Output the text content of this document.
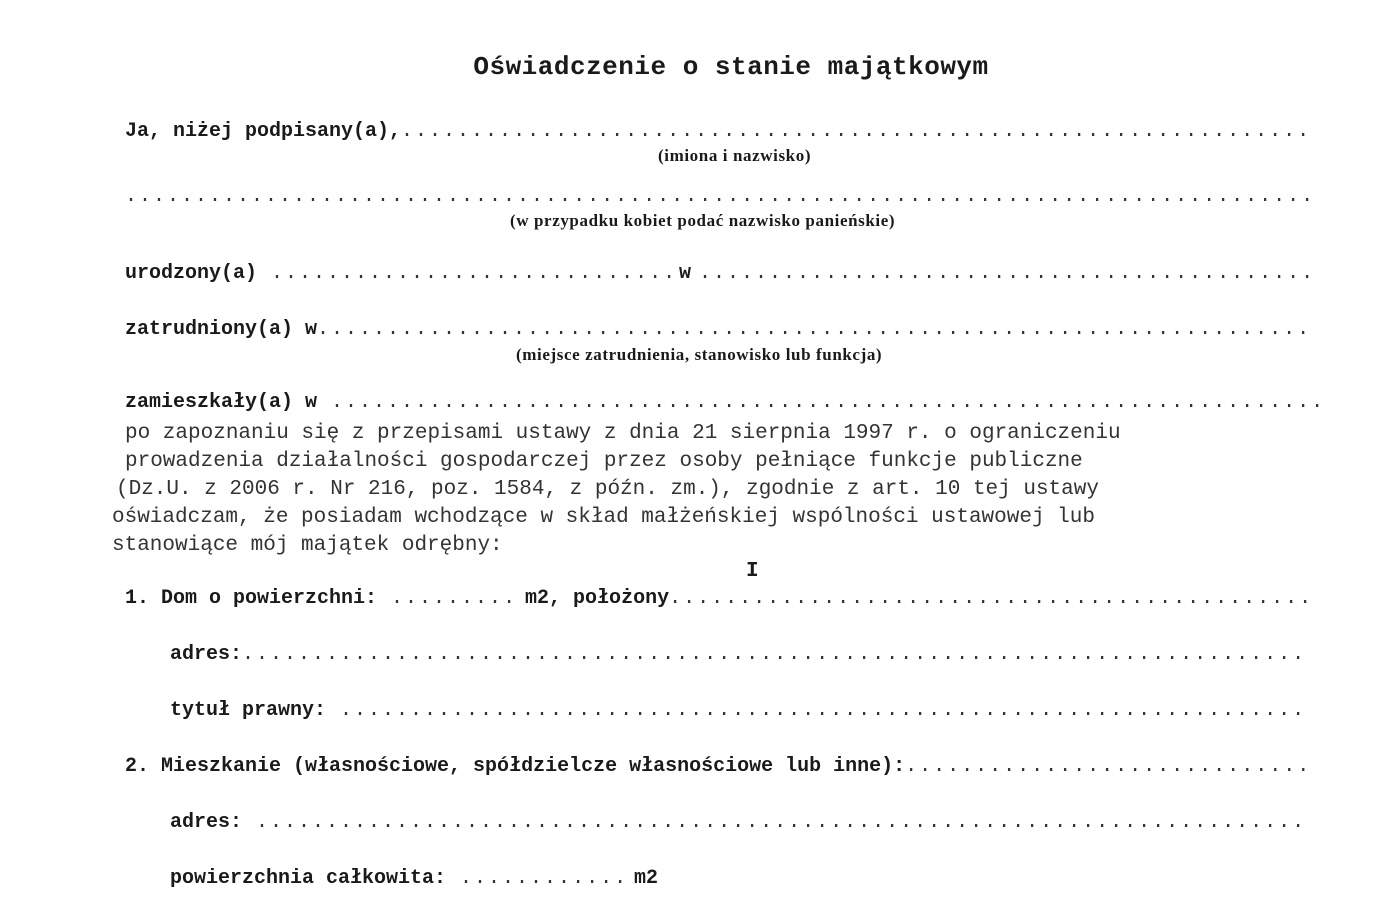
Oświadczenie o stanie majątkowym
Ja, niżej podpisany(a),
.....
(imiona i nazwisko)
.....
(w przypadku kobiet podać nazwisko panieńskie)
urodzony(a) .....	w
.....
zatrudniony(a) w
.....
(miejsce zatrudnienia, stanowisko lub funkcja)
zamieszkały(a) w
.....
po zapoznaniu się z przepisami ustawy z dnia 21 sierpnia 1997 r. o ograniczeniu
prowadzenia działalności gospodarczej przez osoby pełniące funkcje publiczne
(Dz.U. z 2006 r. Nr 216, poz. 1584, z późn. zm.), zgodnie z art. 10 tej ustawy
oświadczam, że posiadam wchodzące w skład małżeńskiej wspólności ustawowej lub
stanowiące mój majątek odrębny:
I
1. Dom o powierzchni: .....	m2, położony
.....
adres:
.....
tytuł prawny:
.....
2. Mieszkanie (własnościowe, spółdzielcze własnościowe lub inne):
.....
adres:
.....
powierzchnia całkowita: .....	m2
